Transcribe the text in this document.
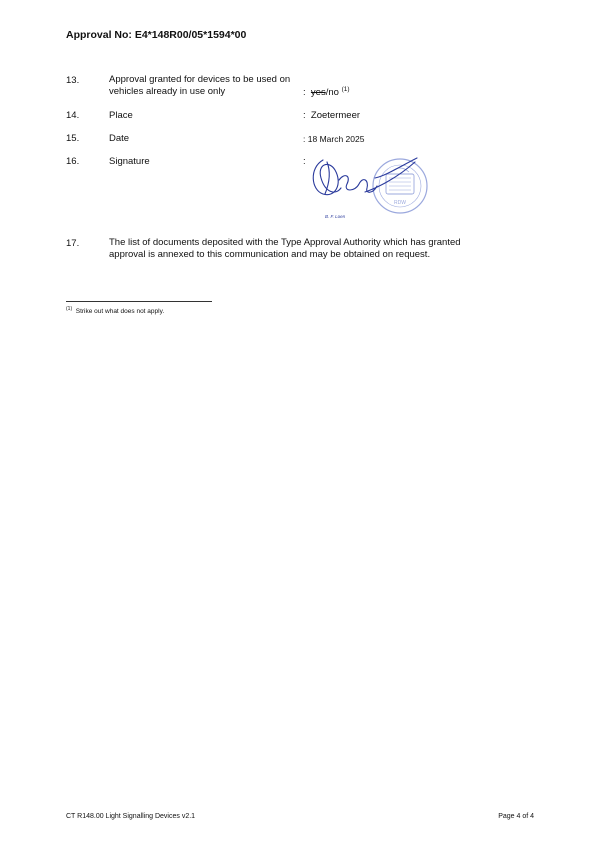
Approval No: E4*148R00/05*1594*00
13.	Approval granted for devices to be used on
vehicles already in use only	: yes/no $^{(1)}$
14.	Place	: Zoetermeer
15.	Date	: 18 March 2025
16.	Signature	:
RDW
B. F. Loen
17.	The list of documents deposited with the Type Approval Authority which has granted
approval is annexed to this communication and may be obtained on request.
$^{(1)}$ Strike out what does not apply.
CT R148.00 Light Signalling Devices v2.1	Page 4 of 4
